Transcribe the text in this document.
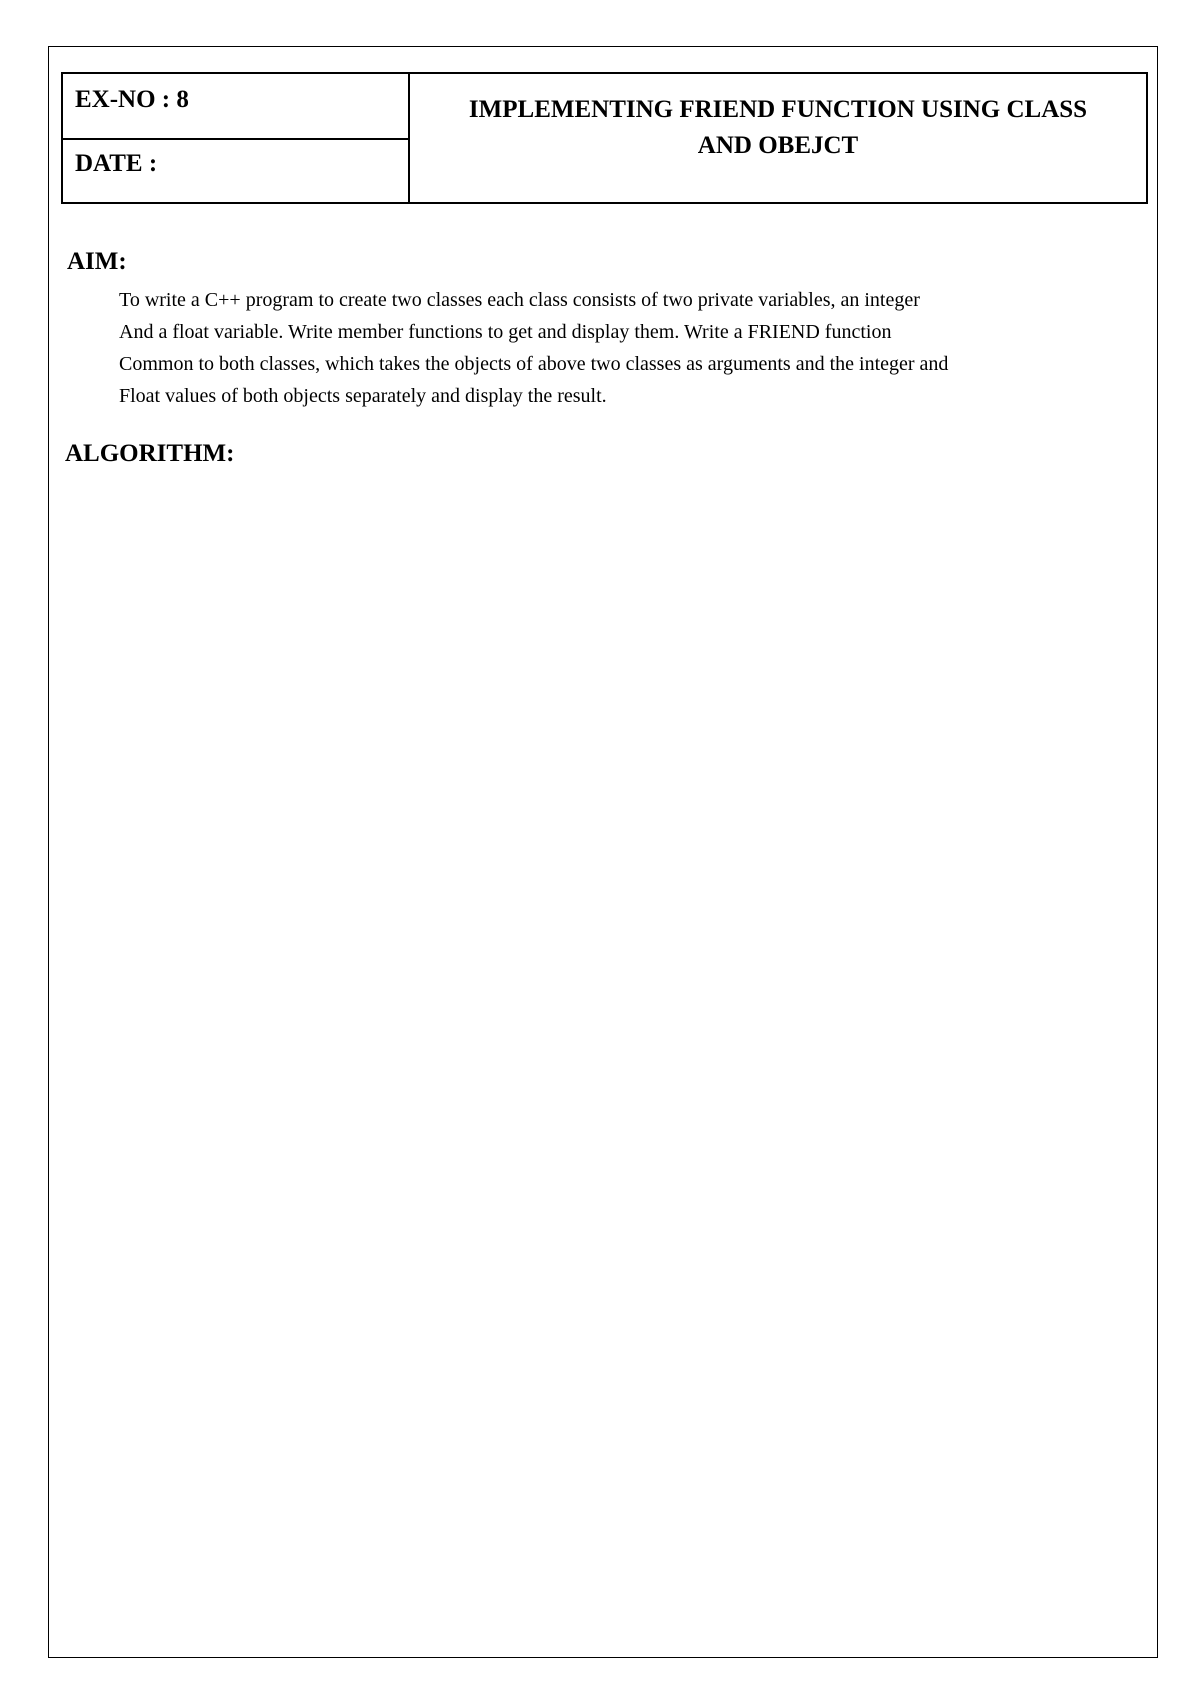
EX-NO : 8
DATE :
IMPLEMENTING FRIEND FUNCTION USING CLASS
AND OBEJCT
AIM:
To write a C++ program to create two classes each class consists of two private variables, an integer
And a float variable. Write member functions to get and display them. Write a FRIEND function
Common to both classes, which takes the objects of above two classes as arguments and the integer and
Float values of both objects separately and display the result.
ALGORITHM:
